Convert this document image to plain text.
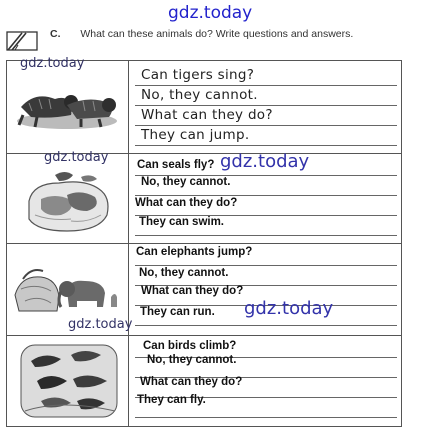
gdz.today
C. What can these animals do? Write questions and answers.
Can tigers sing?
No, they cannot.
What can they do?
They can jump.
Can seals fly?
No, they cannot.
What can they do?
They can swim.
Can elephants jump?
No, they cannot.
What can they do?
They can run.
Can birds climb?
No, they cannot.
What can they do?
They can fly.
gdz.today
gdz.today	gdz.today
gdz.today
gdz.today
